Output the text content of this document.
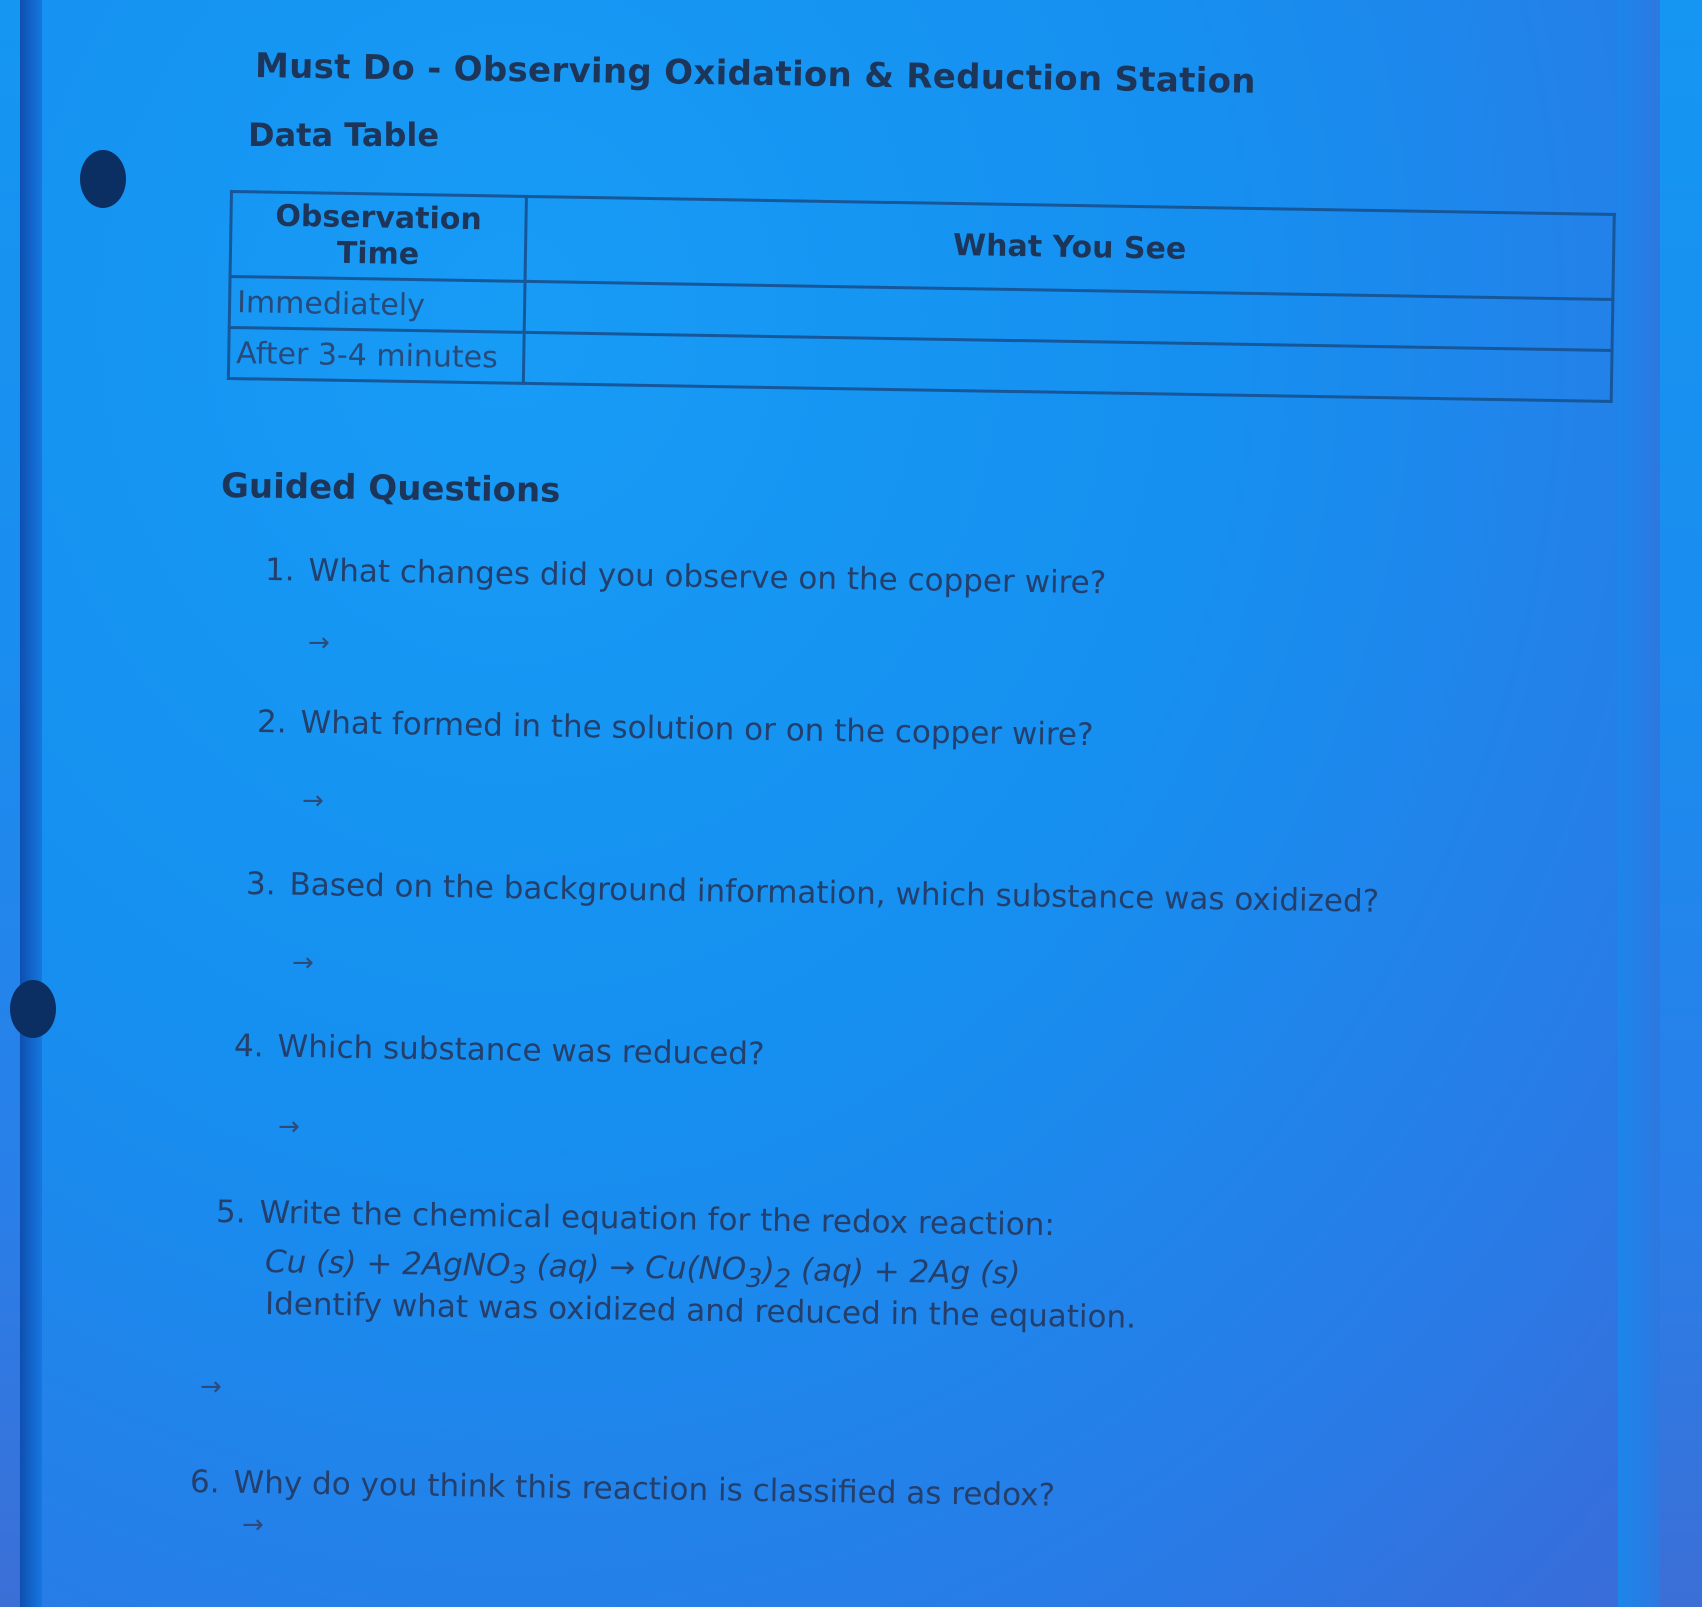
Must Do - Observing Oxidation & Reduction Station
Data Table
Observation Time	What You See
Immediately	
After 3-4 minutes	
Guided Questions
1. What changes did you observe on the copper wire?
→
2. What formed in the solution or on the copper wire?
→
3. Based on the background information, which substance was oxidized?
→
4. Which substance was reduced?
→
5. Write the chemical equation for the redox reaction:
Cu (s) + 2AgNO$_3$ $(aq) \to Cu(NO_3)_2$ (aq) + 2Ag (s)
Identify what was oxidized and reduced in the equation.
→
6. Why do you think this reaction is classified as redox?
→
